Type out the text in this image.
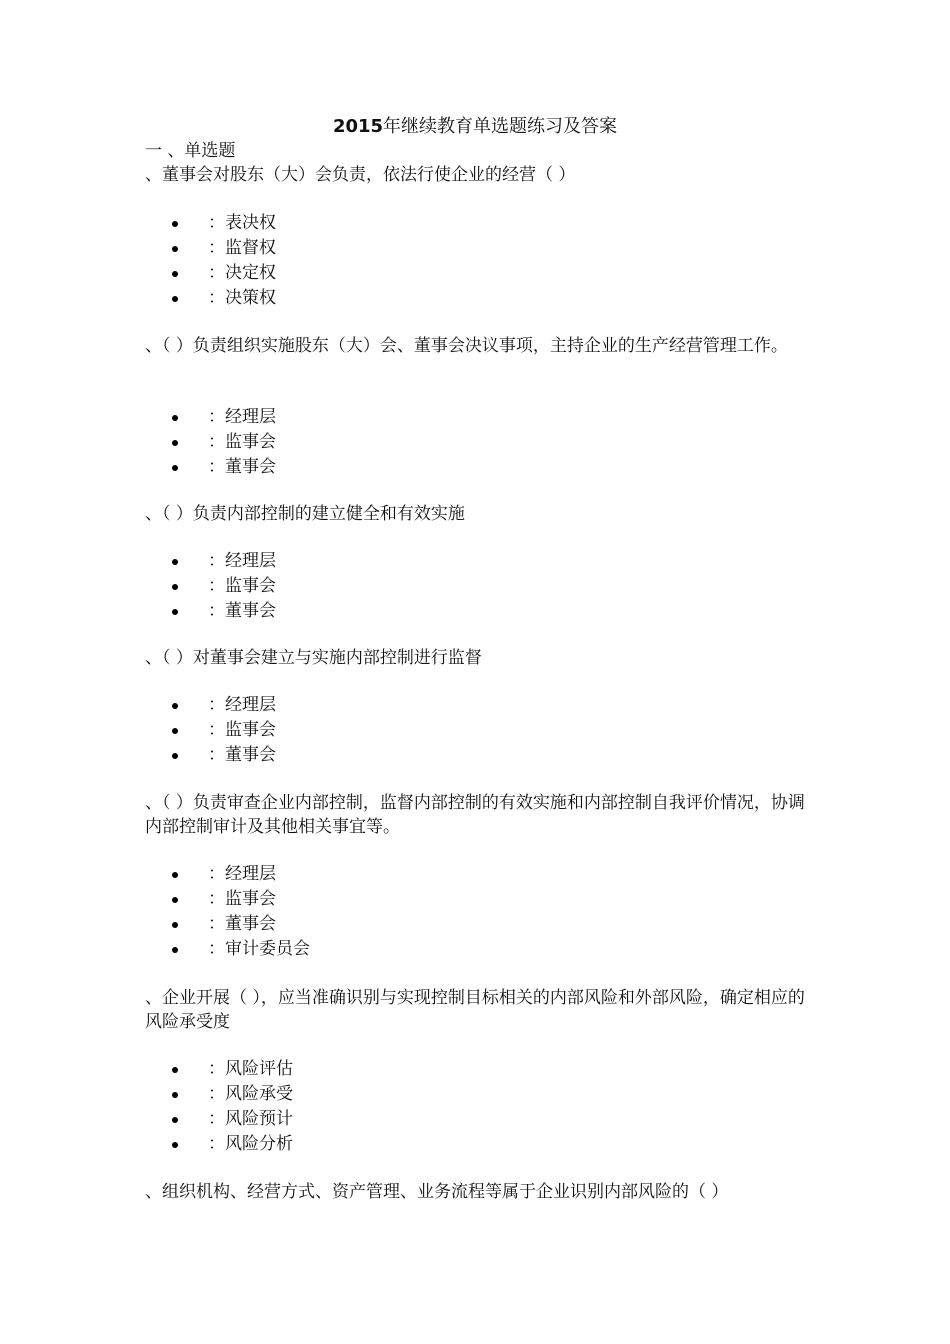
2015年继续教育单选题练习及答案
一 、单选题
、董事会对股东（大）会负责，依法行使企业的经营（ ）
：表决权
：监督权
：决定权
：决策权
、（ ）负责组织实施股东（大）会、董事会决议事项，主持企业的生产经营管理工作。
：经理层
：监事会
：董事会
、（ ）负责内部控制的建立健全和有效实施
：经理层
：监事会
：董事会
、（ ）对董事会建立与实施内部控制进行监督
：经理层
：监事会
：董事会
、（ ）负责审查企业内部控制，监督内部控制的有效实施和内部控制自我评价情况，协调内部控制审计及其他相关事宜等。
：经理层
：监事会
：董事会
：审计委员会
、企业开展（ ），应当准确识别与实现控制目标相关的内部风险和外部风险，确定相应的风险承受度
：风险评估
：风险承受
：风险预计
：风险分析
、组织机构、经营方式、资产管理、业务流程等属于企业识别内部风险的（ ）
